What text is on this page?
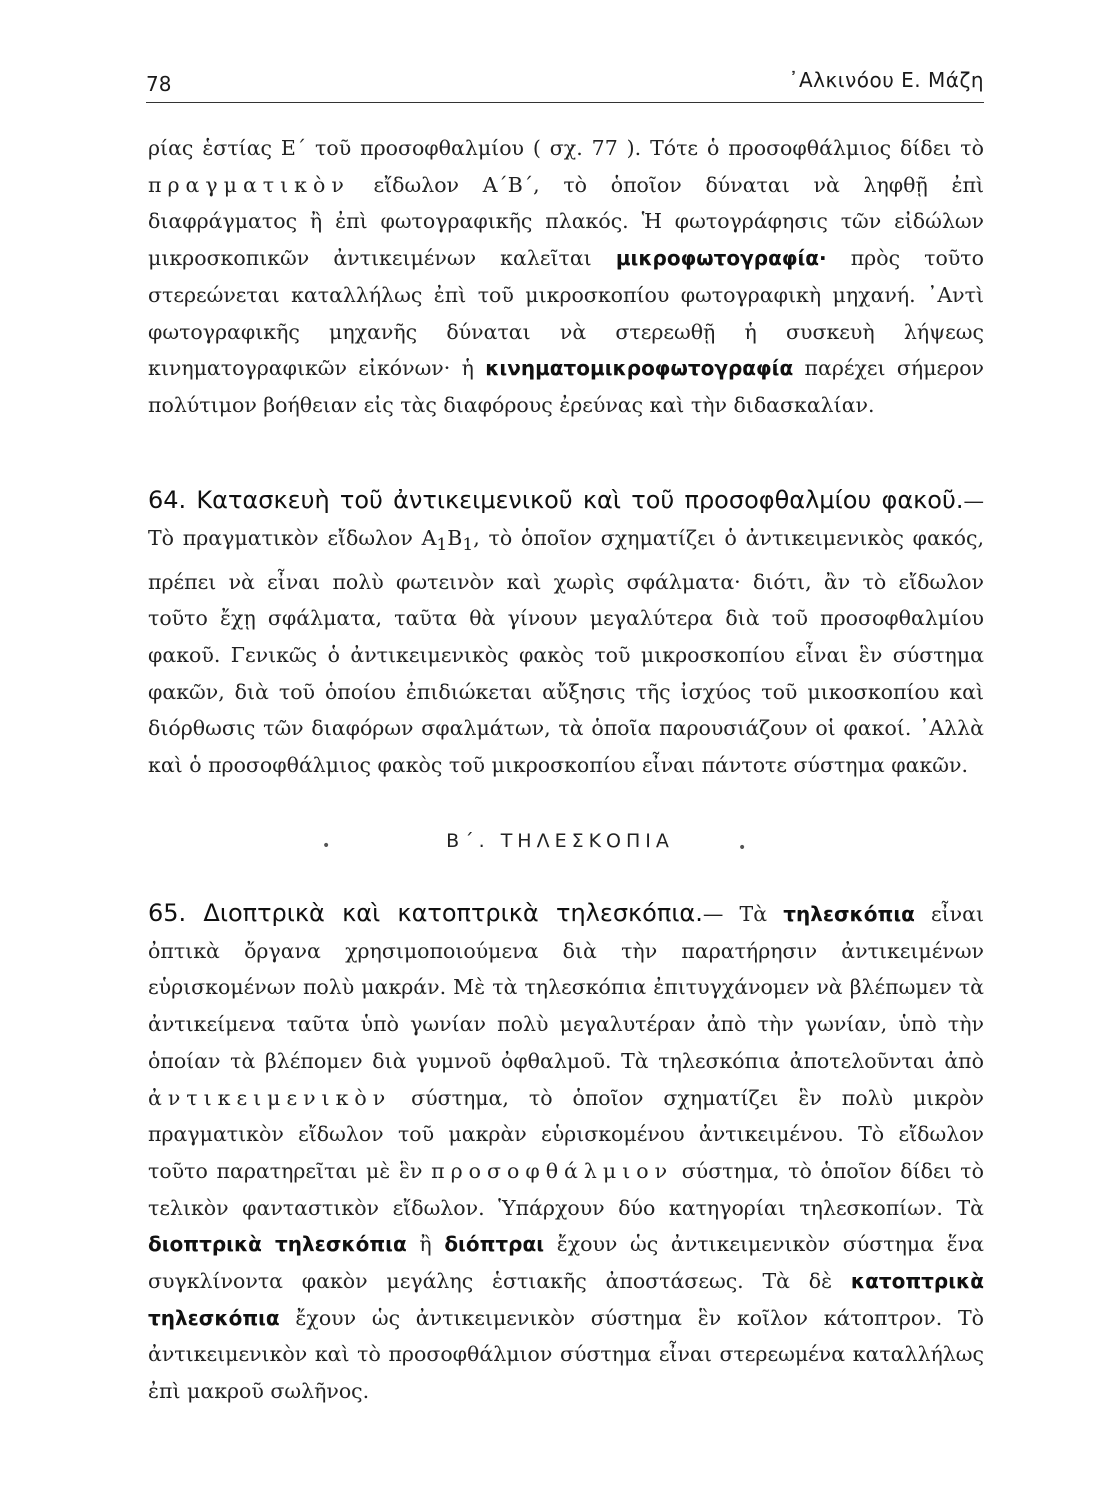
78	᾿Αλκινόου Ε. Μάζη

ρίας ἑστίας Ε΄ τοῦ προσοφθαλμίου ( σχ. 77 ). Τότε ὁ προσοφθάλμιος δίδει τὸ πραγματικὸν εἴδωλον Α΄Β΄, τὸ ὁποῖον δύναται νὰ ληφθῇ ἐπὶ διαφράγματος ἢ ἐπὶ φωτογραφικῆς πλακός. Ἡ φωτογράφησις τῶν εἰδώλων μικροσκοπικῶν ἀντικειμένων καλεῖται μικροφωτογραφία· πρὸς τοῦτο στερεώνεται καταλλήλως ἐπὶ τοῦ μικροσκοπίου φωτογραφικὴ μηχανή. ᾿Αντὶ φωτογραφικῆς μηχανῆς δύναται νὰ στερεωθῇ ἡ συσκευὴ λήψεως κινηματογραφικῶν εἰκόνων· ἡ κινηματομικροφωτογραφία παρέχει σήμερον πολύτιμον βοήθειαν εἰς τὰς διαφόρους ἐρεύνας καὶ τὴν διδασκαλίαν.

64. Κατασκευὴ τοῦ ἀντικειμενικοῦ καὶ τοῦ προσοφθαλμίου φακοῦ.— Τὸ πραγματικὸν εἴδωλον $A_1B_1$, τὸ ὁποῖον σχηματίζει ὁ ἀντικειμενικὸς φακός, πρέπει νὰ εἶναι πολὺ φωτεινὸν καὶ χωρὶς σφάλματα· διότι, ἂν τὸ εἴδωλον τοῦτο ἔχῃ σφάλματα, ταῦτα θὰ γίνουν μεγαλύτερα διὰ τοῦ προσοφθαλμίου φακοῦ. Γενικῶς ὁ ἀντικειμενικὸς φακὸς τοῦ μικροσκοπίου εἶναι ἓν σύστημα φακῶν, διὰ τοῦ ὁποίου ἐπιδιώκεται αὔξησις τῆς ἰσχύος τοῦ μικοσκοπίου καὶ διόρθωσις τῶν διαφόρων σφαλμάτων, τὰ ὁποῖα παρουσιάζουν οἱ φακοί. ᾿Αλλὰ καὶ ὁ προσοφθάλμιος φακὸς τοῦ μικροσκοπίου εἶναι πάντοτε σύστημα φακῶν.

Β΄. ΤΗΛΕΣΚΟΠΙΑ
•	•

65. Διοπτρικὰ καὶ κατοπτρικὰ τηλεσκόπια.— Τὰ τηλεσκόπια εἶναι ὀπτικὰ ὄργανα χρησιμοποιούμενα διὰ τὴν παρατήρησιν ἀντικειμένων εὑρισκομένων πολὺ μακράν. Μὲ τὰ τηλεσκόπια ἐπιτυγχάνομεν νὰ βλέπωμεν τὰ ἀντικείμενα ταῦτα ὑπὸ γωνίαν πολὺ μεγαλυτέραν ἀπὸ τὴν γωνίαν, ὑπὸ τὴν ὁποίαν τὰ βλέπομεν διὰ γυμνοῦ ὀφθαλμοῦ. Τὰ τηλεσκόπια ἀποτελοῦνται ἀπὸ ἀντικειμενικὸν σύστημα, τὸ ὁποῖον σχηματίζει ἓν πολὺ μικρὸν πραγματικὸν εἴδωλον τοῦ μακρὰν εὑρισκομένου ἀντικειμένου. Τὸ εἴδωλον τοῦτο παρατηρεῖται μὲ ἓν προσοφθάλμιον σύστημα, τὸ ὁποῖον δίδει τὸ τελικὸν φανταστικὸν εἴδωλον. Ὑπάρχουν δύο κατηγορίαι τηλεσκοπίων. Τὰ διοπτρικὰ τηλεσκόπια ἢ διόπτραι ἔχουν ὡς ἀντικειμενικὸν σύστημα ἕνα συγκλίνοντα φακὸν μεγάλης ἑστιακῆς ἀποστάσεως. Τὰ δὲ κατοπτρικὰ τηλεσκόπια ἔχουν ὡς ἀντικειμενικὸν σύστημα ἓν κοῖλον κάτοπτρον. Τὸ ἀντικειμενικὸν καὶ τὸ προσοφθάλμιον σύστημα εἶναι στερεωμένα καταλλήλως ἐπὶ μακροῦ σωλῆνος.
